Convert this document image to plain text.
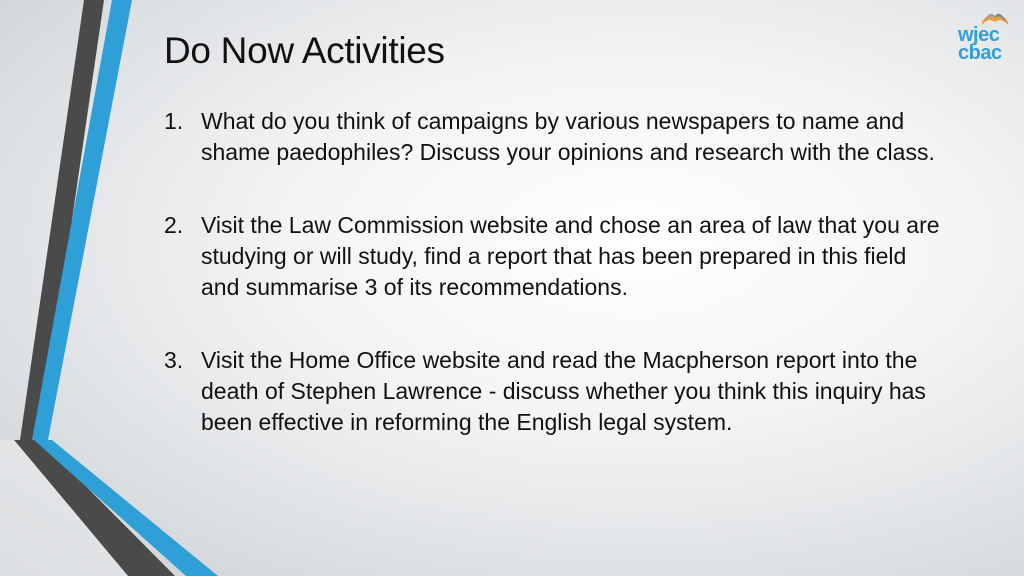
Do Now Activities	wjec
cbac
1. What do you think of campaigns by various newspapers to name and shame paedophiles? Discuss your opinions and research with the class.
2. Visit the Law Commission website and chose an area of law that you are studying or will study, find a report that has been prepared in this field and summarise 3 of its recommendations.
3. Visit the Home Office website and read the Macpherson report into the death of Stephen Lawrence - discuss whether you think this inquiry has been effective in reforming the English legal system.
